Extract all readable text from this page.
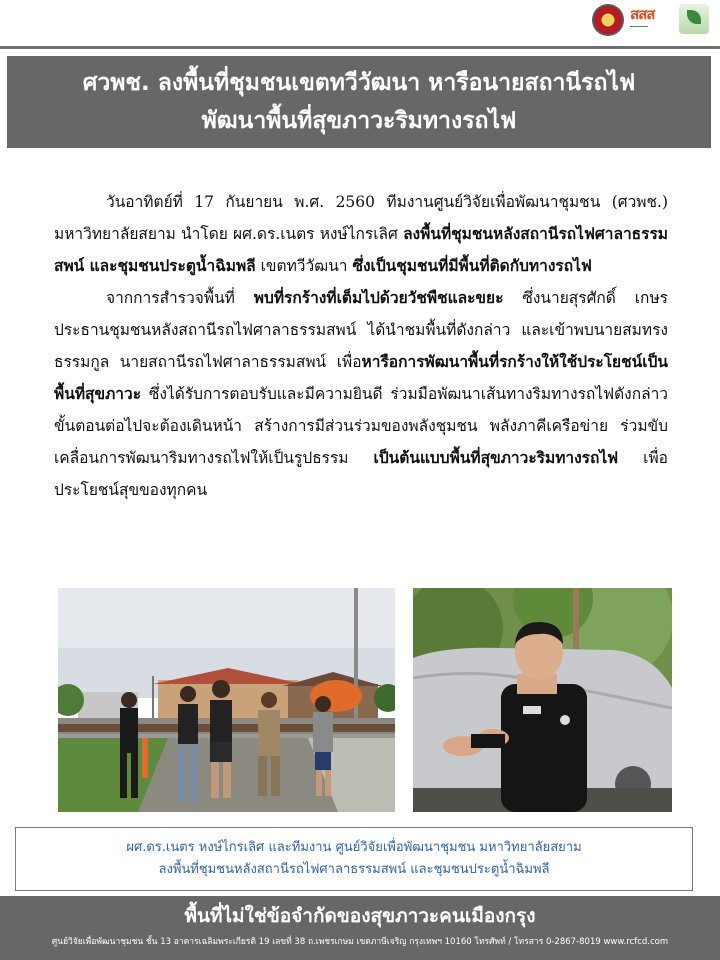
สสส
━━━━━━
ศวพช. ลงพื้นที่ชุมชนเขตทวีวัฒนา หารือนายสถานีรถไฟ
พัฒนาพื้นที่สุขภาวะริมทางรถไฟ

วันอาทิตย์ที่ 17 กันยายน พ.ศ. 2560 ทีมงานศูนย์วิจัยเพื่อพัฒนาชุมชน (ศวพช.) มหาวิทยาลัยสยาม นำโดย ผศ.ดร.เนตร หงษ์ไกรเลิศ ลงพื้นที่ชุมชนหลังสถานีรถไฟศาลาธรรมสพน์ และชุมชนประตูน้ำฉิมพลี เขตทวีวัฒนา ซึ่งเป็นชุมชนที่มีพื้นที่ติดกับทางรถไฟ

จากการสำรวจพื้นที่ พบที่รกร้างที่เต็มไปด้วยวัชพืชและขยะ ซึ่งนายสุรศักดิ์ เกษร ประธานชุมชนหลังสถานีรถไฟศาลาธรรมสพน์ ได้นำชมพื้นที่ดังกล่าว และเข้าพบนายสมทรง ธรรมกูล นายสถานีรถไฟศาลาธรรมสพน์ เพื่อหารือการพัฒนาพื้นที่รกร้างให้ใช้ประโยชน์เป็นพื้นที่สุขภาวะ ซึ่งได้รับการตอบรับและมีความยินดี ร่วมมือพัฒนาเส้นทางริมทางรถไฟดังกล่าว ขั้นตอนต่อไปจะต้องเดินหน้า สร้างการมีส่วนร่วมของพลังชุมชน พลังภาคีเครือข่าย ร่วมขับเคลื่อนการพัฒนาริมทางรถไฟให้เป็นรูปธรรม เป็นต้นแบบพื้นที่สุขภาวะริมทางรถไฟ เพื่อประโยชน์สุขของทุกคน

ผศ.ดร.เนตร หงษ์ไกรเลิศ และทีมงาน ศูนย์วิจัยเพื่อพัฒนาชุมชน มหาวิทยาลัยสยาม
ลงพื้นที่ชุมชนหลังสถานีรถไฟศาลาธรรมสพน์ และชุมชนประตูน้ำฉิมพลี
พื้นที่ไม่ใช่ข้อจำกัดของสุขภาวะคนเมืองกรุง
ศูนย์วิจัยเพื่อพัฒนาชุมชน ชั้น 13 อาคารเฉลิมพระเกียรติ 19 เลขที่ 38 ถ.เพชรเกษม เขตภาษีเจริญ กรุงเทพฯ 10160 โทรศัพท์ / โทรสาร 0-2867-8019 www.rcfcd.com
